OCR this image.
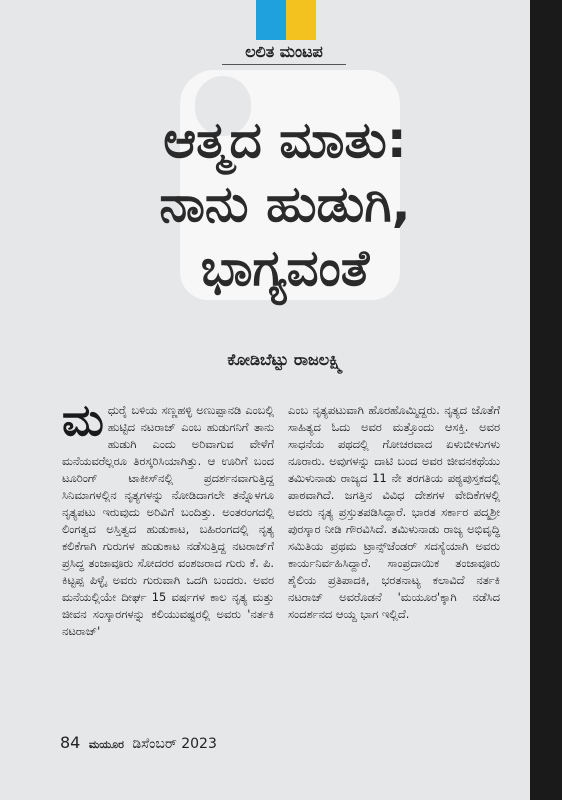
ಲಲಿತ ಮಂಟಪ
ಆತ್ಮದ ಮಾತು:
ನಾನು ಹುಡುಗಿ,
ಭಾಗ್ಯವಂತೆ
ಕೋಡಿಬೆಟ್ಟು ರಾಜಲಕ್ಷ್ಮಿ
ಮಧುರೈ ಬಳಿಯ ಸಣ್ಣಹಳ್ಳಿ ಅಣುಪ್ಪಾನಡಿ ಎಂಬಲ್ಲಿ ಹುಟ್ಟಿದ ನಟರಾಜ್ ಎಂಬ ಹುಡುಗನಿಗೆ ತಾನು ಹುಡುಗಿ ಎಂದು ಅರಿವಾಗುವ ವೇಳೆಗೆ ಮನೆಯವರೆಲ್ಲರೂ ತಿರಸ್ಕರಿಸಿಯಾಗಿತ್ತು. ಆ ಊರಿಗೆ ಬಂದ ಟೂರಿಂಗ್ ಟಾಕೀಸ್‌ನಲ್ಲಿ ಪ್ರದರ್ಶನವಾಗುತ್ತಿದ್ದ ಸಿನಿಮಾಗಳಲ್ಲಿನ ನೃತ್ಯಗಳನ್ನು ನೋಡಿದಾಗಲೇ ತನ್ನೊಳಗೂ ನೃತ್ಯಪಟು ಇರುವುದು ಅರಿವಿಗೆ ಬಂದಿತ್ತು. ಅಂತರಂಗದಲ್ಲಿ ಲಿಂಗತ್ವದ ಅಸ್ತಿತ್ವದ ಹುಡುಕಾಟ, ಬಹಿರಂಗದಲ್ಲಿ ನೃತ್ಯ ಕಲಿಕೆಗಾಗಿ ಗುರುಗಳ ಹುಡುಕಾಟ ನಡೆಸುತ್ತಿದ್ದ ನಟರಾಜ್‌ಗೆ ಪ್ರಸಿದ್ಧ ತಂಜಾವೂರು ಸೋದರರ ವಂಶಜರಾದ ಗುರು ಕೆ. ಪಿ. ಕಿಟ್ಟಪ್ಪ ಪಿಳ್ಳೈ ಅವರು ಗುರುವಾಗಿ ಒದಗಿ ಬಂದರು. ಅವರ ಮನೆಯಲ್ಲಿಯೇ ದೀರ್ಘ 15 ವರ್ಷಗಳ ಕಾಲ ನೃತ್ಯ ಮತ್ತು ಜೀವನ ಸಂಸ್ಕಾರಗಳನ್ನು ಕಲಿಯುವಷ್ಟರಲ್ಲಿ ಅವರು 'ನರ್ತಕಿ ನಟರಾಜ್'
ಎಂಬ ನೃತ್ಯಪಟುವಾಗಿ ಹೊರಹೊಮ್ಮಿದ್ದರು. ನೃತ್ಯದ ಜೊತೆಗೆ ಸಾಹಿತ್ಯದ ಓದು ಅವರ ಮತ್ತೊಂದು ಆಸಕ್ತಿ. ಅವರ ಸಾಧನೆಯ ಪಥದಲ್ಲಿ ಗೋಚರವಾದ ಏಳುಬೀಳುಗಳು ನೂರಾರು. ಅವುಗಳನ್ನು ದಾಟಿ ಬಂದ ಅವರ ಜೀವನಕಥೆಯು ತಮಿಳುನಾಡು ರಾಜ್ಯದ 11 ನೇ ತರಗತಿಯ ಪಠ್ಯಪುಸ್ತಕದಲ್ಲಿ ಪಾಠವಾಗಿದೆ. ಜಗತ್ತಿನ ವಿವಿಧ ದೇಶಗಳ ವೇದಿಕೆಗಳಲ್ಲಿ ಅವರು ನೃತ್ಯ ಪ್ರಸ್ತುತಪಡಿಸಿದ್ದಾರೆ. ಭಾರತ ಸರ್ಕಾರ ಪದ್ಮಶ್ರೀ ಪುರಸ್ಕಾರ ನೀಡಿ ಗೌರವಿಸಿದೆ. ತಮಿಳುನಾಡು ರಾಜ್ಯ ಅಭಿವೃದ್ಧಿ ಸಮಿತಿಯ ಪ್ರಥಮ ಟ್ರಾನ್ಸ್‌ಜೆಂಡರ್ ಸದಸ್ಯೆಯಾಗಿ ಅವರು ಕಾರ್ಯನಿರ್ವಹಿಸಿದ್ದಾರೆ. ಸಾಂಪ್ರದಾಯಿಕ ತಂಜಾವೂರು ಶೈಲಿಯ ಪ್ರತಿಪಾದಕಿ, ಭರತನಾಟ್ಯ ಕಲಾವಿದೆ ನರ್ತಕಿ ನಟರಾಜ್ ಅವರೊಡನೆ 'ಮಯೂರ'ಕ್ಕಾಗಿ ನಡೆಸಿದ ಸಂದರ್ಶನದ ಆಯ್ದ ಭಾಗ ಇಲ್ಲಿದೆ.
84 ಮಯೂರ ಡಿಸೆಂಬರ್ 2023
